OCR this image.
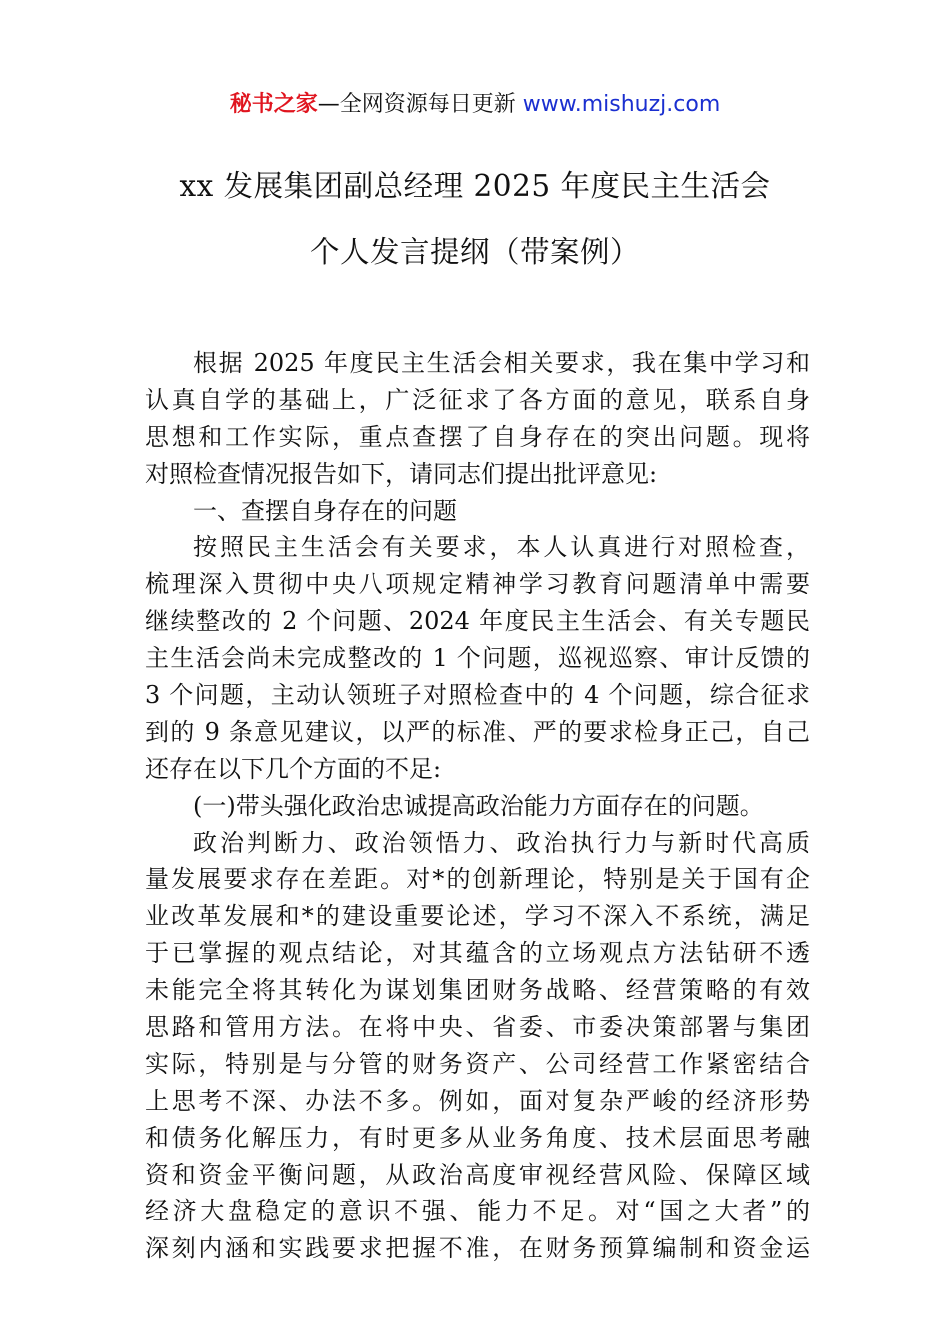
秘书之家—全网资源每日更新 www.mishuzj.com
xx 发展集团副总经理 2025 年度民主生活会
个人发言提纲（带案例）
根据 2025 年度民主生活会相关要求，我在集中学习和
认真自学的基础上，广泛征求了各方面的意见，联系自身
思想和工作实际，重点查摆了自身存在的突出问题。现将
对照检查情况报告如下，请同志们提出批评意见:
一、查摆自身存在的问题
按照民主生活会有关要求，本人认真进行对照检查，
梳理深入贯彻中央八项规定精神学习教育问题清单中需要
继续整改的 2 个问题、2024 年度民主生活会、有关专题民
主生活会尚未完成整改的 1 个问题，巡视巡察、审计反馈的
3 个问题，主动认领班子对照检查中的 4 个问题，综合征求
到的 9 条意见建议，以严的标准、严的要求检身正己，自己
还存在以下几个方面的不足:
(一)带头强化政治忠诚提高政治能力方面存在的问题。
政治判断力、政治领悟力、政治执行力与新时代高质
量发展要求存在差距。对*的创新理论，特别是关于国有企
业改革发展和*的建设重要论述，学习不深入不系统，满足
于已掌握的观点结论，对其蕴含的立场观点方法钻研不透
未能完全将其转化为谋划集团财务战略、经营策略的有效
思路和管用方法。在将中央、省委、市委决策部署与集团
实际，特别是与分管的财务资产、公司经营工作紧密结合
上思考不深、办法不多。例如，面对复杂严峻的经济形势
和债务化解压力，有时更多从业务角度、技术层面思考融
资和资金平衡问题，从政治高度审视经营风险、保障区域
经济大盘稳定的意识不强、能力不足。对“国之大者”的
深刻内涵和实践要求把握不准，在财务预算编制和资金运
